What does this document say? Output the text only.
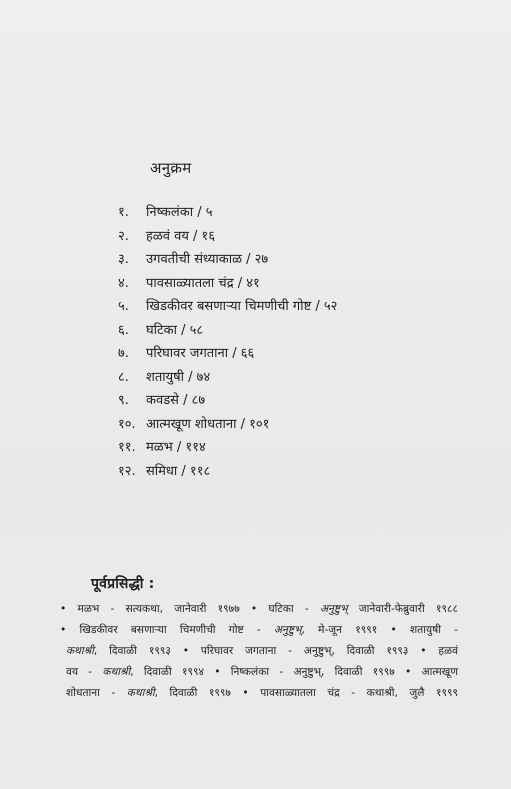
अनुक्रम
१. निष्कलंका / ५
२. हळवं वय / १६
३. उगवतीची संध्याकाळ / २७
४. पावसाळ्यातला चंद्र / ४१
५. खिडकीवर बसणाऱ्या चिमणीची गोष्ट / ५२
६. घटिका / ५८
७. परिघावर जगताना / ६६
८. शतायुषी / ७४
९. कवडसे / ८७
१०. आत्मखूण शोधताना / १०१
११. मळभ / ११४
१२. समिधा / ११८
पूर्वप्रसिद्धी :
• मळभ - सत्यकथा, जानेवारी १९७७ • घटिका - अनुष्टुभ् जानेवारी-फेब्रुवारी १९८८
• खिडकीवर बसणाऱ्या चिमणीची गोष्ट - अनुष्टुभ्, मे-जून १९९१ • शतायुषी -
कथाश्री, दिवाळी १९९३ • परिघावर जगताना - अनुष्टुभ्, दिवाळी १९९३ • हळवं
वय - कथाश्री, दिवाळी १९९४ • निष्कलंका - अनुष्टुभ्, दिवाळी १९९७ • आत्मखूण
शोधताना - कथाश्री, दिवाळी १९९७ • पावसाळ्यातला चंद्र - कथाश्री, जुलै १९९९
